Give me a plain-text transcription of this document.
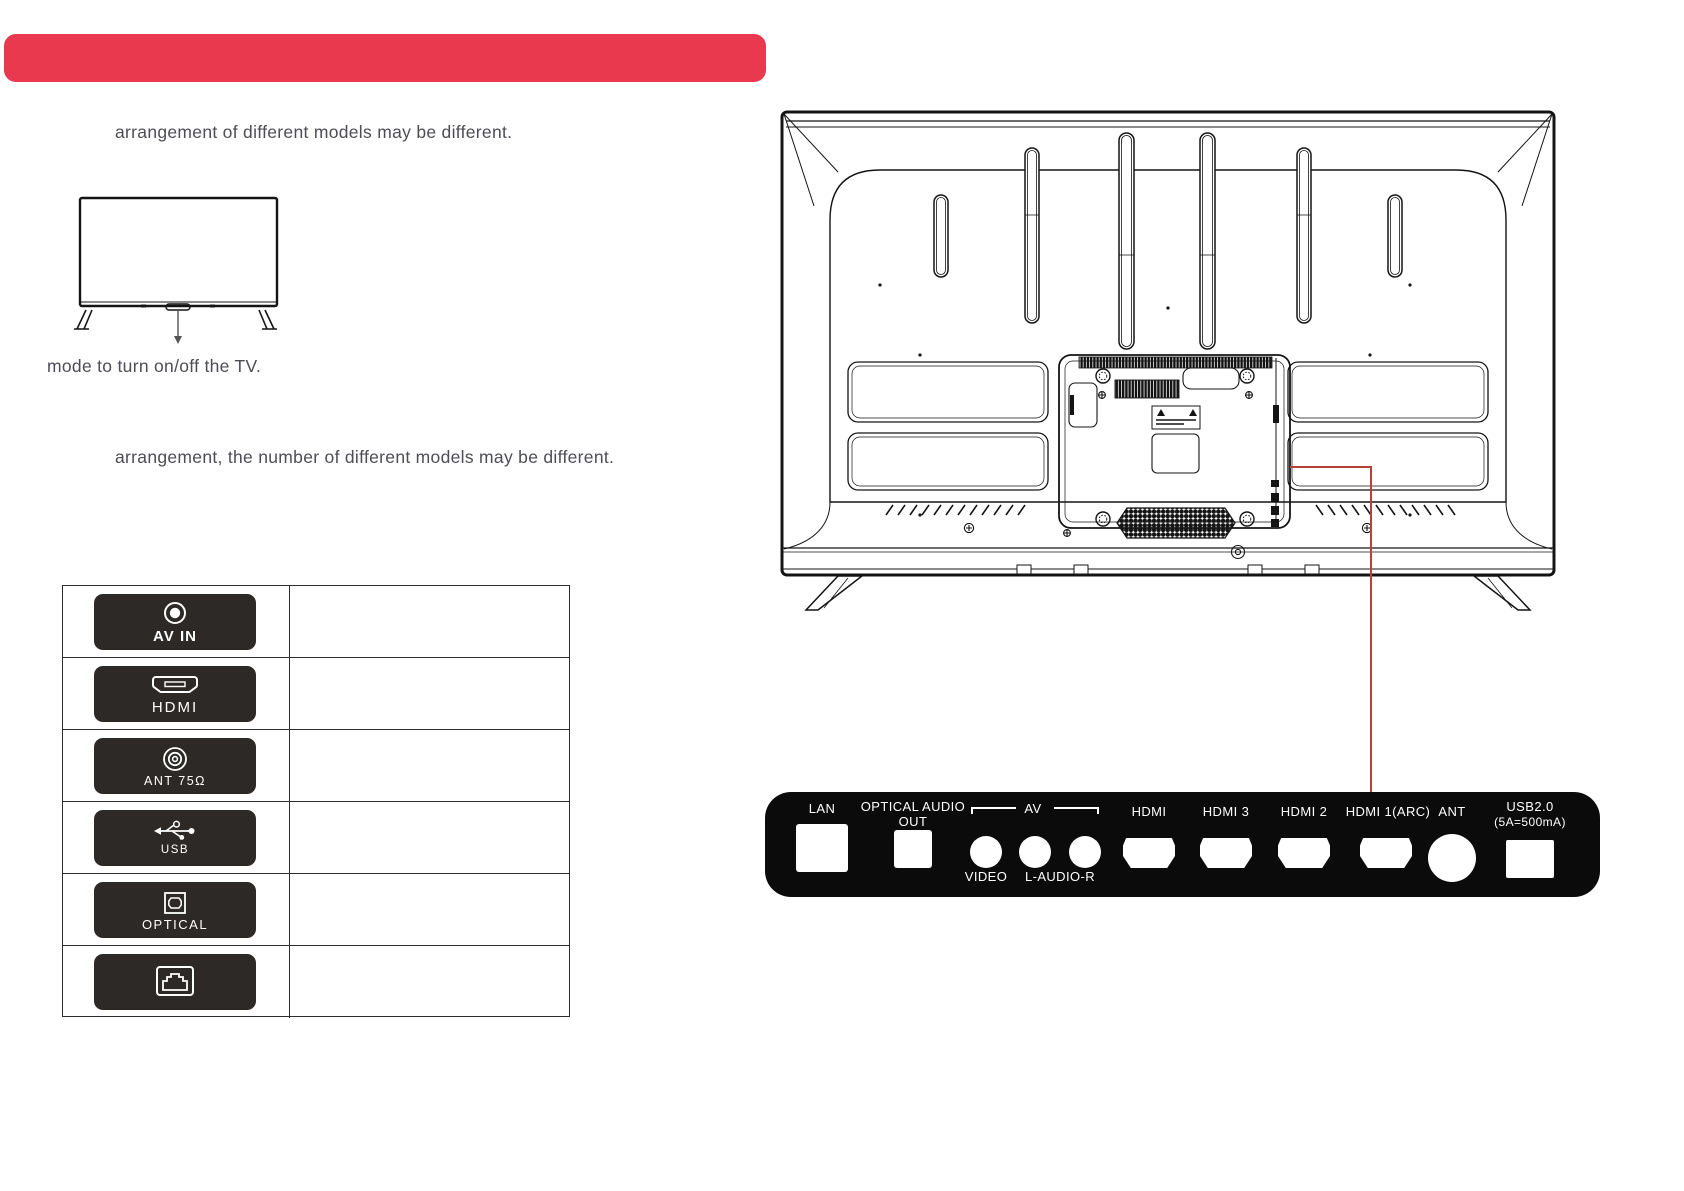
arrangement of different models may be different.
mode to turn on/off the TV.
arrangement, the number of different models may be different.
AV IN
HDMI
ANT 75Ω
USB
OPTICAL
LAN OPTICAL AUDIO
OUT
AV	HDMI	HDMI 3 HDMI 2 HDMI 1(ARC) ANT	USB2.0
(5A=500mA)
VIDEO L-AUDIO-R
